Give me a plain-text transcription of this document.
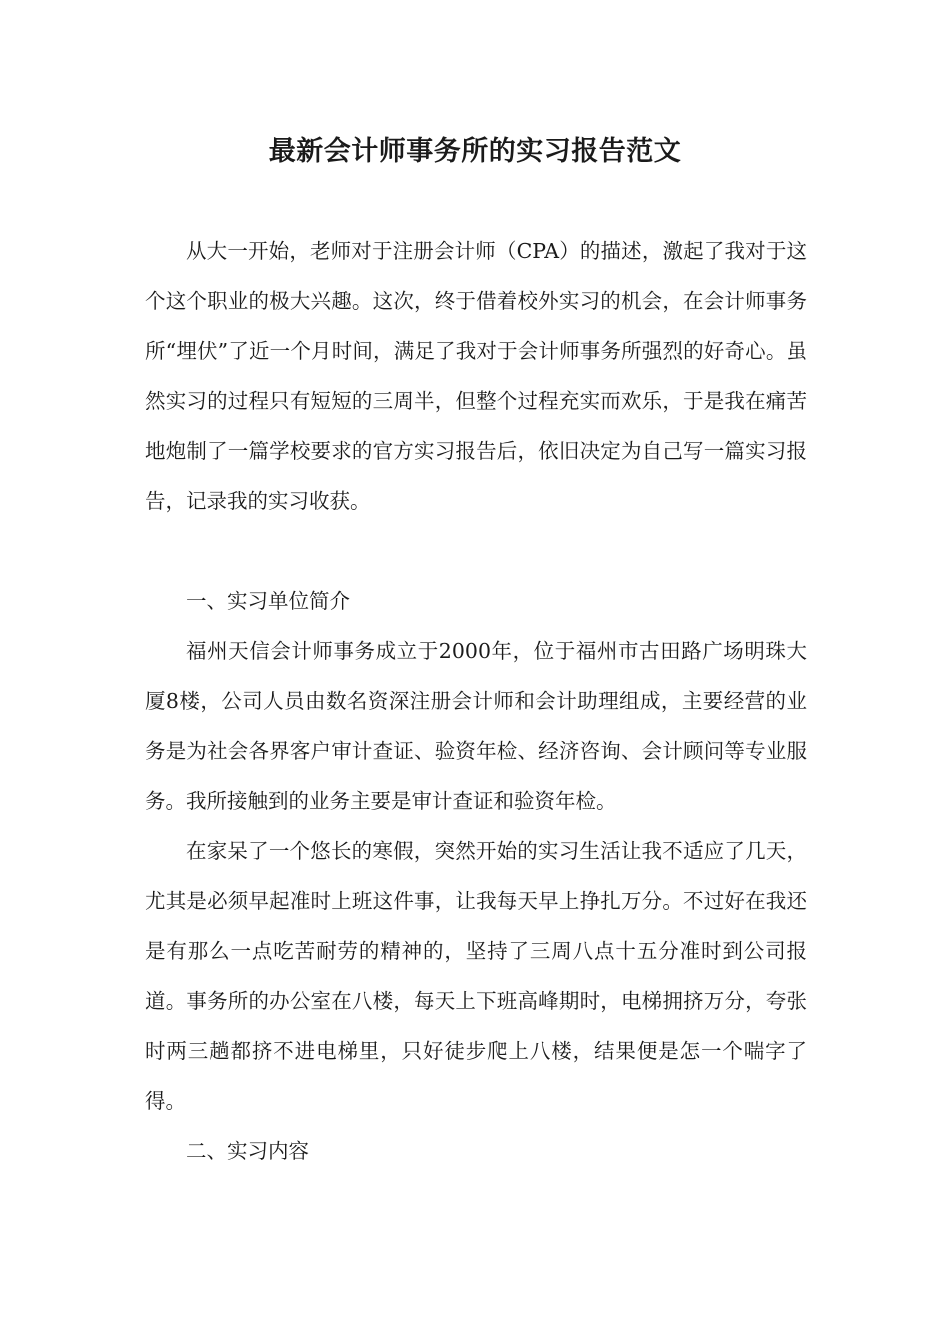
最新会计师事务所的实习报告范文

从大一开始，老师对于注册会计师（CPA）的描述，激起了我对于这个这个职业的极大兴趣。这次，终于借着校外实习的机会，在会计师事务所“埋伏”了近一个月时间，满足了我对于会计师事务所强烈的好奇心。虽然实习的过程只有短短的三周半，但整个过程充实而欢乐，于是我在痛苦地炮制了一篇学校要求的官方实习报告后，依旧决定为自己写一篇实习报告，记录我的实习收获。

一、实习单位简介

福州天信会计师事务成立于2000年，位于福州市古田路广场明珠大厦8楼，公司人员由数名资深注册会计师和会计助理组成，主要经营的业务是为社会各界客户审计查证、验资年检、经济咨询、会计顾问等专业服务。我所接触到的业务主要是审计查证和验资年检。

在家呆了一个悠长的寒假，突然开始的实习生活让我不适应了几天，尤其是必须早起准时上班这件事，让我每天早上挣扎万分。不过好在我还是有那么一点吃苦耐劳的精神的，坚持了三周八点十五分准时到公司报道。事务所的办公室在八楼，每天上下班高峰期时，电梯拥挤万分，夸张时两三趟都挤不进电梯里，只好徒步爬上八楼，结果便是怎一个喘字了得。

二、实习内容
